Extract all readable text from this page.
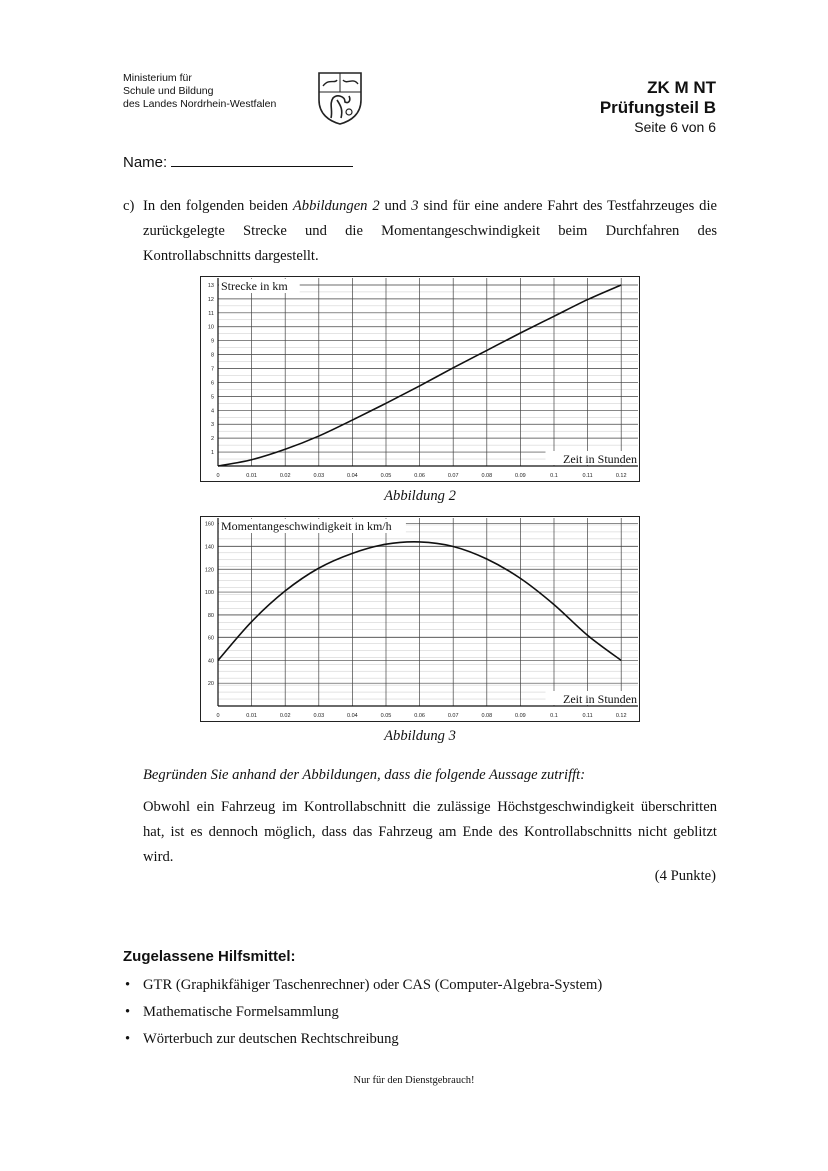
Ministerium für
Schule und Bildung
des Landes Nordrhein-Westfalen
ZK M NT
Prüfungsteil B
Seite 6 von 6
Name:
c) In den folgenden beiden Abbildungen 2 und 3 sind für eine andere Fahrt des Testfahrzeuges die zurückgelegte Strecke und die Momentangeschwindigkeit beim Durchfahren des Kontrollabschnitts dargestellt.
0	0.01	0.02	0.03	0.04	0.05	0.06	0.07	0.08	0.09	0.1	0.11	0.12
1
2
3
4
5
6
7
8
9
10
11
12
13 Strecke in km
Zeit in Stunden
Abbildung 2
0	0.01	0.02	0.03	0.04	0.05	0.06	0.07	0.08	0.09	0.1	0.11	0.12
20
40
60
80
100
120
140
160 Momentangeschwindigkeit in km/h
Zeit in Stunden
Abbildung 3
Begründen Sie anhand der Abbildungen, dass die folgende Aussage zutrifft:
Obwohl ein Fahrzeug im Kontrollabschnitt die zulässige Höchstgeschwindigkeit überschritten hat, ist es dennoch möglich, dass das Fahrzeug am Ende des Kontrollabschnitts nicht geblitzt wird.
(4 Punkte)
Zugelassene Hilfsmittel:
• GTR (Graphikfähiger Taschenrechner) oder CAS (Computer-Algebra-System)
• Mathematische Formelsammlung
• Wörterbuch zur deutschen Rechtschreibung
Nur für den Dienstgebrauch!
